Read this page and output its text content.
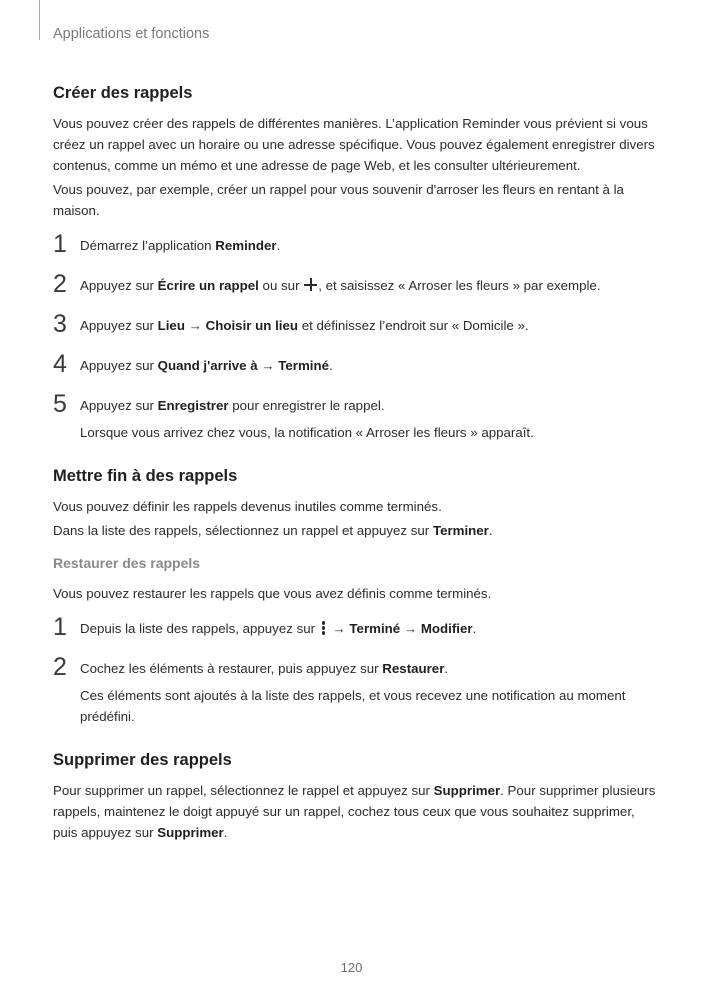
Applications et fonctions
Créer des rappels

Vous pouvez créer des rappels de différentes manières. L’application Reminder vous prévient si vous créez un rappel avec un horaire ou une adresse spécifique. Vous pouvez également enregistrer divers contenus, comme un mémo et une adresse de page Web, et les consulter ultérieurement.

Vous pouvez, par exemple, créer un rappel pour vous souvenir d'arroser les fleurs en rentant à la maison.

1 Démarrez l’application Reminder.

2 Appuyez sur Écrire un rappel ou sur , et saisissez « Arroser les fleurs » par exemple.

3 Appuyez sur Lieu → Choisir un lieu et définissez l’endroit sur « Domicile ».

4 Appuyez sur Quand j'arrive à → Terminé.

5 Appuyez sur Enregistrer pour enregistrer le rappel.

Lorsque vous arrivez chez vous, la notification « Arroser les fleurs » apparaît.

Mettre fin à des rappels

Vous pouvez définir les rappels devenus inutiles comme terminés.

Dans la liste des rappels, sélectionnez un rappel et appuyez sur Terminer.

Restaurer des rappels

Vous pouvez restaurer les rappels que vous avez définis comme terminés.

1 Depuis la liste des rappels, appuyez sur
→ Terminé → Modifier.

2 Cochez les éléments à restaurer, puis appuyez sur Restaurer.

Ces éléments sont ajoutés à la liste des rappels, et vous recevez une notification au moment prédéfini.

Supprimer des rappels

Pour supprimer un rappel, sélectionnez le rappel et appuyez sur Supprimer. Pour supprimer plusieurs rappels, maintenez le doigt appuyé sur un rappel, cochez tous ceux que vous souhaitez supprimer, puis appuyez sur Supprimer.

120
